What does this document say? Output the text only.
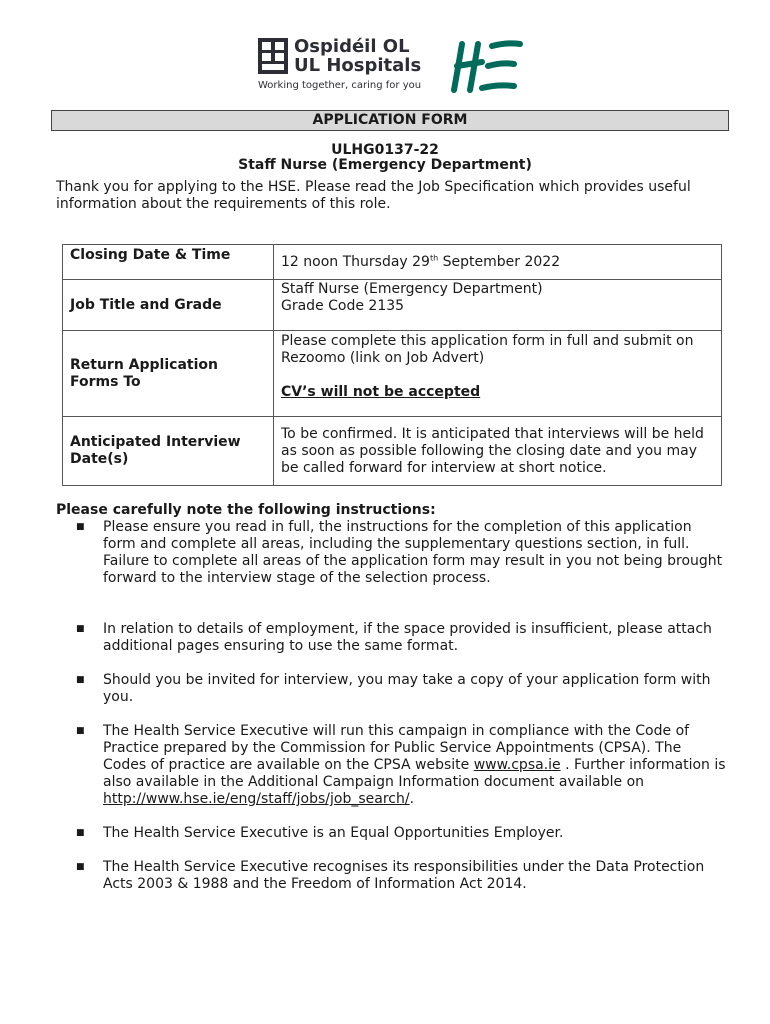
Ospidéil OL
UL Hospitals
Working together, caring for you
APPLICATION FORM
ULHG0137-22
Staff Nurse (Emergency Department)
Thank you for applying to the HSE. Please read the Job Specification which provides useful information about the requirements of this role.
Closing Date & Time	12 noon Thursday 29th September 2022
Job Title and Grade	Staff Nurse (Emergency Department)
Grade Code 2135

Return Application Forms To	Please complete this application form in full and submit on Rezoomo (link on Job Advert)
CV’s will not be accepted

Anticipated Interview Date(s)	To be confirmed. It is anticipated that interviews will be held as soon as possible following the closing date and you may be called forward for interview at short notice.
Please carefully note the following instructions:
■ Please ensure you read in full, the instructions for the completion of this application form and complete all areas, including the supplementary questions section, in full. Failure to complete all areas of the application form may result in you not being brought forward to the interview stage of the selection process.
■ In relation to details of employment, if the space provided is insufficient, please attach additional pages ensuring to use the same format.
■ Should you be invited for interview, you may take a copy of your application form with you.
■ The Health Service Executive will run this campaign in compliance with the Code of Practice prepared by the Commission for Public Service Appointments (CPSA). The Codes of practice are available on the CPSA website www.cpsa.ie . Further information is also available in the Additional Campaign Information document available on http://www.hse.ie/eng/staff/jobs/job_search/.
■ The Health Service Executive is an Equal Opportunities Employer.
■ The Health Service Executive recognises its responsibilities under the Data Protection Acts 2003 & 1988 and the Freedom of Information Act 2014.
